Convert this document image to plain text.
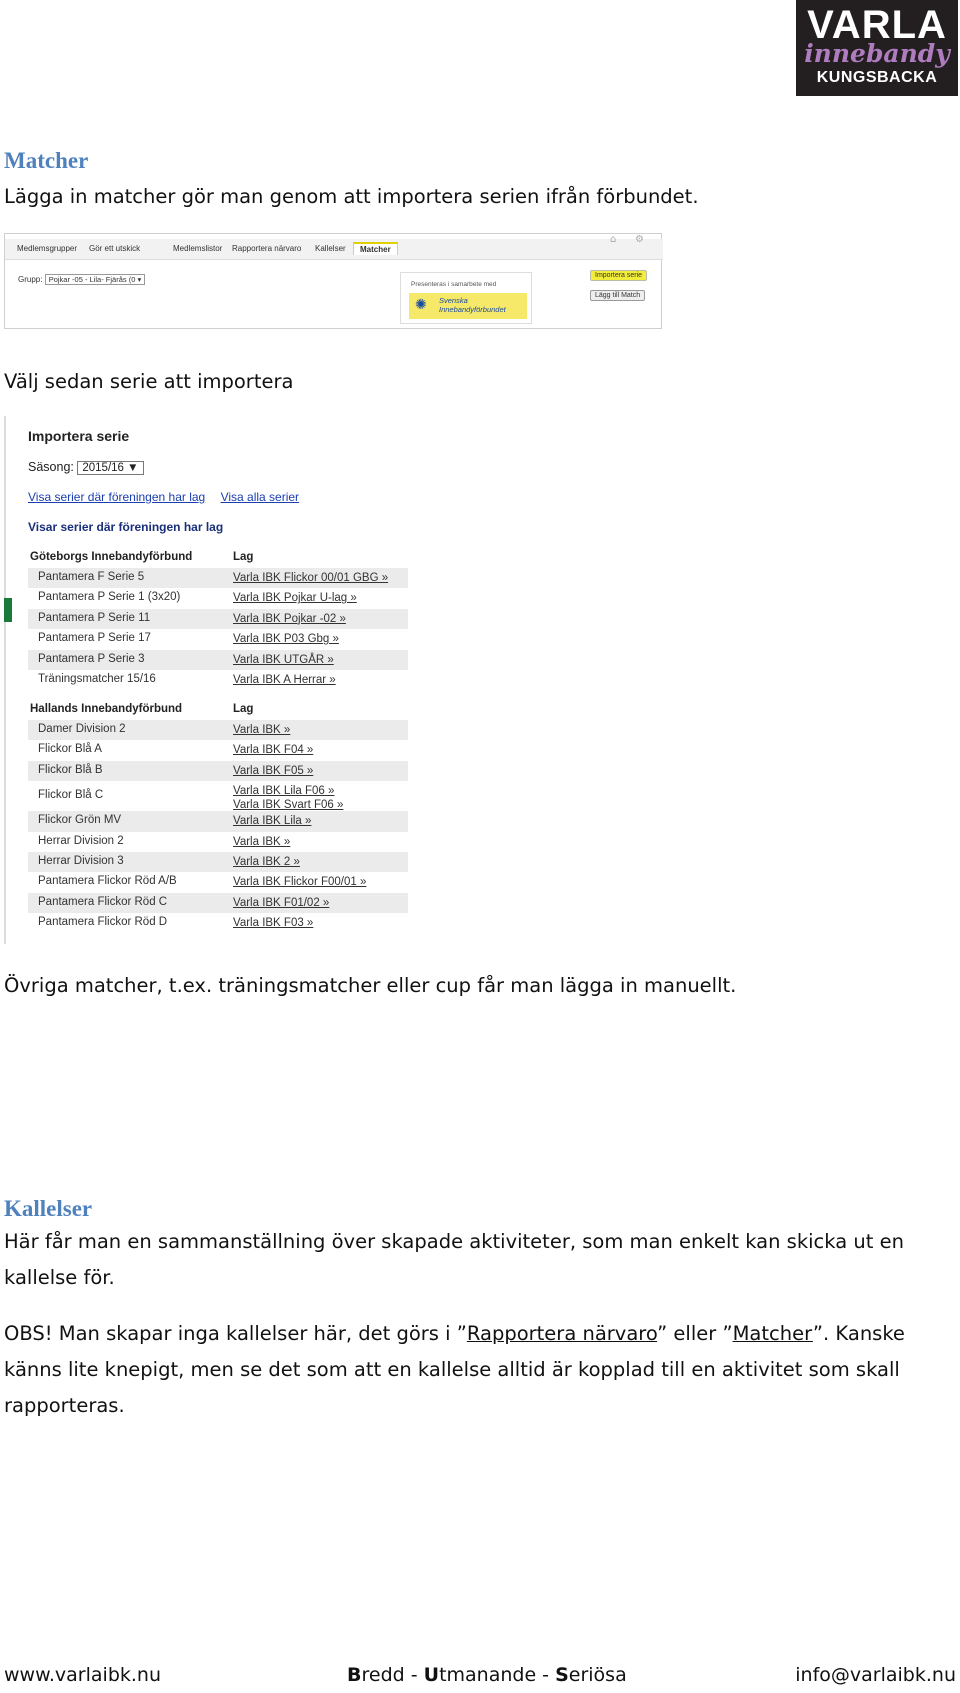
VARLA
innebandy
KUNGSBACKA
Matcher
Lägga in matcher gör man genom att importera serien ifrån förbundet.
Medlemsgrupper Gör ett utskick	Medlemslistor Rapportera närvaro Kallelser	Matcher
⌂ ⚙
Grupp: Pojkar -05 - Lila- Fjärås (0 ▾
Presenteras i samarbete med
✺ Svenska Innebandyförbundet
Importera serie
Lägg till Match
Välj sedan serie att importera
Importera serie
Säsong: 2015/16 ▼
Visa serier där föreningen har lag Visa alla serier
Visar serier där föreningen har lag
Göteborgs Innebandyförbund	Lag
Pantamera F Serie 5	Varla IBK Flickor 00/01 GBG »
Pantamera P Serie 1 (3x20)	Varla IBK Pojkar U-lag »
Pantamera P Serie 11	Varla IBK Pojkar -02 »
Pantamera P Serie 17	Varla IBK P03 Gbg »
Pantamera P Serie 3	Varla IBK UTGÅR »
Träningsmatcher 15/16	Varla IBK A Herrar »
Hallands Innebandyförbund	Lag
Damer Division 2	Varla IBK »
Flickor Blå A	Varla IBK F04 »
Flickor Blå B	Varla IBK F05 »
Flickor Blå C	Varla IBK Lila F06 »
Varla IBK Svart F06 »
Flickor Grön MV	Varla IBK Lila »
Herrar Division 2	Varla IBK »
Herrar Division 3	Varla IBK 2 »
Pantamera Flickor Röd A/B	Varla IBK Flickor F00/01 »
Pantamera Flickor Röd C	Varla IBK F01/02 »
Pantamera Flickor Röd D	Varla IBK F03 »
Övriga matcher, t.ex. träningsmatcher eller cup får man lägga in manuellt.
Kallelser
Här får man en sammanställning över skapade aktiviteter, som man enkelt kan skicka ut en
kallelse för.
OBS! Man skapar inga kallelser här, det görs i ”Rapportera närvaro” eller ”Matcher”. Kanske
känns lite knepigt, men se det som att en kallelse alltid är kopplad till en aktivitet som skall
rapporteras.
www.varlaibk.nu	Bredd - Utmanande - Seriösa	info@varlaibk.nu
